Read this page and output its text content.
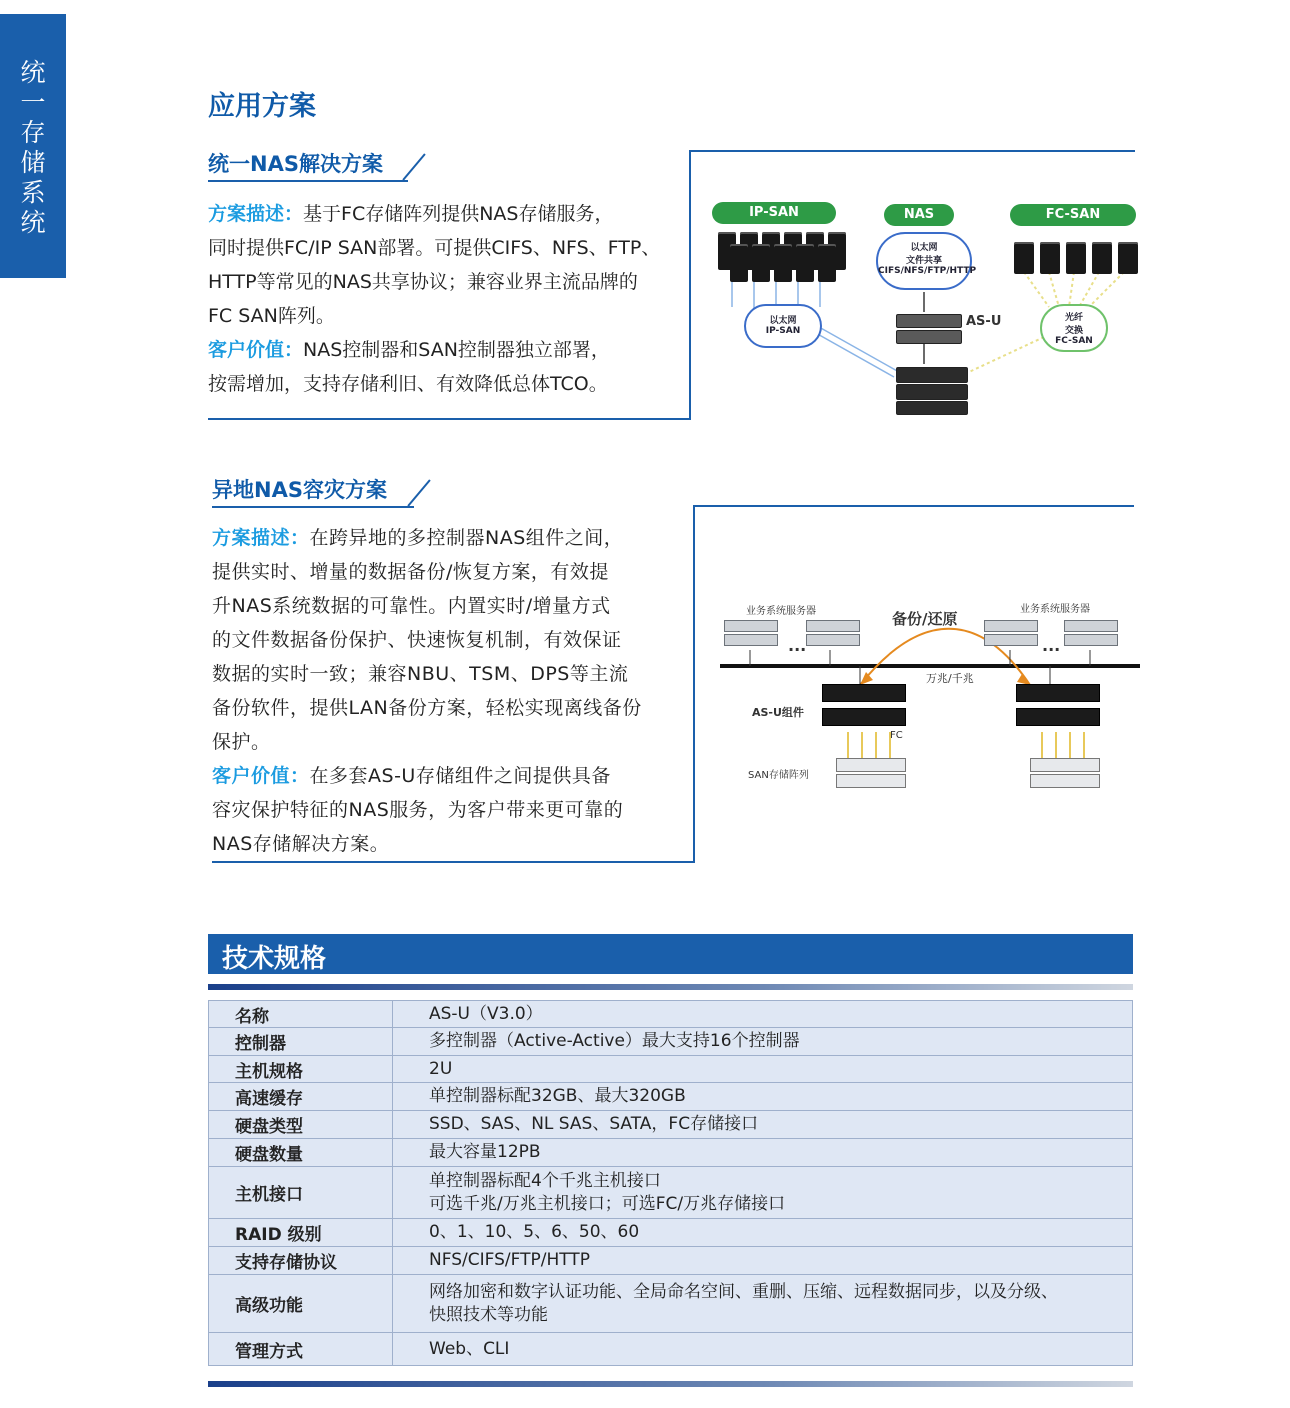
统
一
存
储
系
统
应用方案
统一NAS解决方案
方案描述：基于FC存储阵列提供NAS存储服务，
同时提供FC/IP SAN部署。可提供CIFS、NFS、FTP、
HTTP等常见的NAS共享协议；兼容业界主流品牌的
FC SAN阵列。
客户价值：NAS控制器和SAN控制器独立部署，
按需增加，支持存储利旧、有效降低总体TCO。
IP-SAN	NAS	FC-SAN
以太网
文件共享
CIFS/NFS/FTP/HTTP
以太网
IP-SAN
光纤
交换
FC-SAN
AS-U
异地NAS容灾方案
方案描述：在跨异地的多控制器NAS组件之间，
提供实时、增量的数据备份/恢复方案，有效提
升NAS系统数据的可靠性。内置实时/增量方式
的文件数据备份保护、快速恢复机制，有效保证
数据的实时一致；兼容NBU、TSM、DPS等主流
备份软件，提供LAN备份方案，轻松实现离线备份
保护。
客户价值：在多套AS-U存储组件之间提供具备
容灾保护特征的NAS服务，为客户带来更可靠的
NAS存储解决方案。
业务系统服务器	业务系统服务器
备份/还原
万兆/千兆
AS-U组件
FC
SAN存储阵列
...	...
技术规格
名称	AS-U（V3.0）
控制器	多控制器（Active-Active）最大支持16个控制器
主机规格	2U
高速缓存	单控制器标配32GB、最大320GB
硬盘类型	SSD、SAS、NL SAS、SATA，FC存储接口
硬盘数量	最大容量12PB
主机接口	单控制器标配4个千兆主机接口
可选千兆/万兆主机接口；可选FC/万兆存储接口

RAID 级别	0、1、10、5、6、50、60
支持存储协议	NFS/CIFS/FTP/HTTP
高级功能	网络加密和数字认证功能、全局命名空间、重删、压缩、远程数据同步，以及分级、
快照技术等功能

管理方式	Web、CLI
